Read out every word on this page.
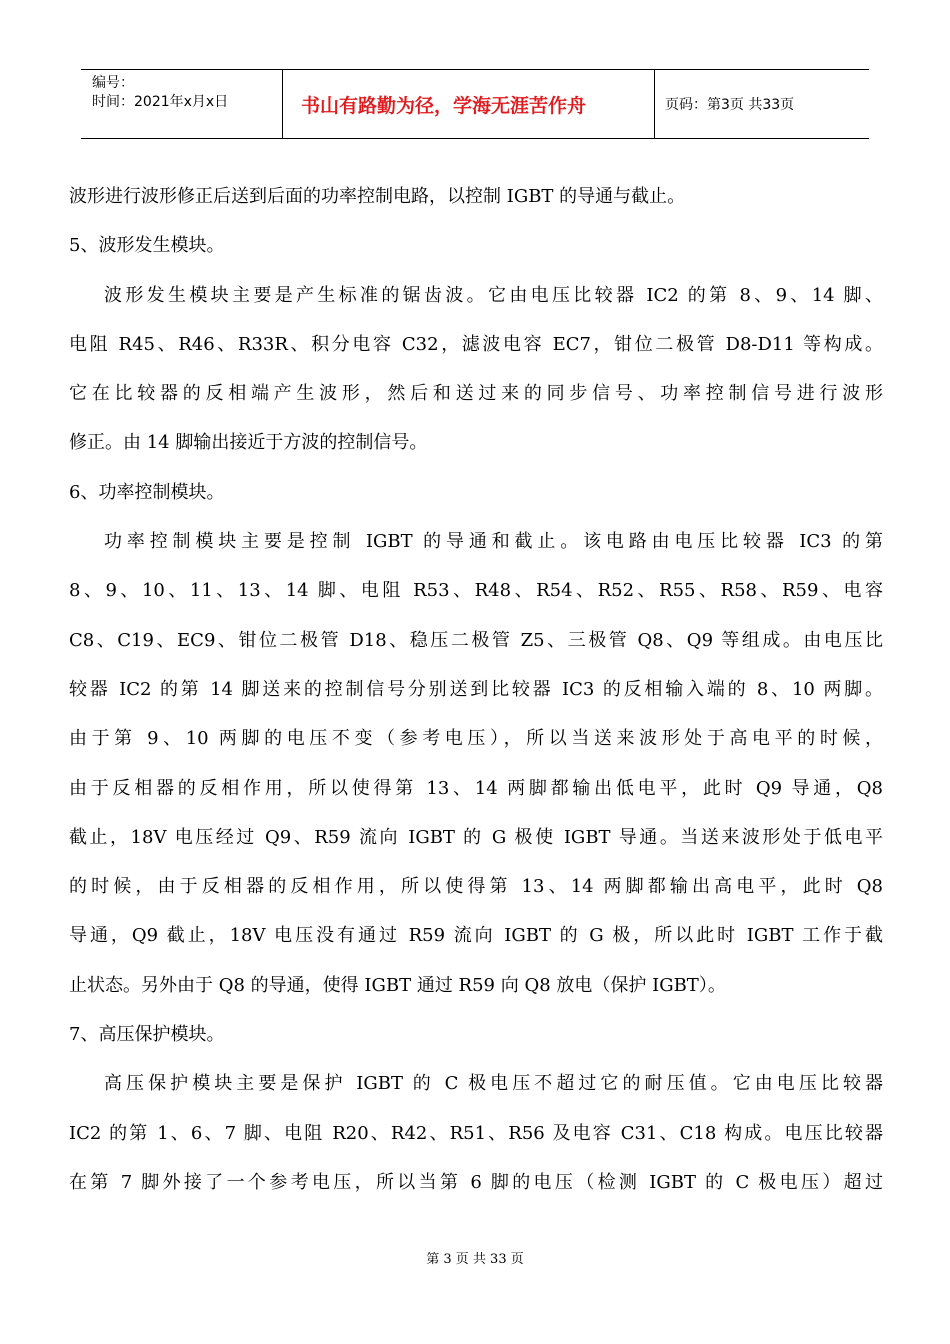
编号：
时间：2021年x月x日	书山有路勤为径，学海无涯苦作舟	页码：第3页 共33页
波形进行波形修正后送到后面的功率控制电路，以控制 IGBT 的导通与截止。
5、波形发生模块。
波形发生模块主要是产生标准的锯齿波。它由电压比较器 IC2 的第 8、9、14 脚、
电阻 R45、R46、R33R、积分电容 C32，滤波电容 EC7，钳位二极管 D8-D11 等构成。
它在比较器的反相端产生波形，然后和送过来的同步信号、功率控制信号进行波形
修正。由 14 脚输出接近于方波的控制信号。
6、功率控制模块。
功率控制模块主要是控制 IGBT 的导通和截止。该电路由电压比较器 IC3 的第
8、9、10、11、13、14 脚、电阻 R53、R48、R54、R52、R55、R58、R59、电容
C8、C19、EC9、钳位二极管 D18、稳压二极管 Z5、三极管 Q8、Q9 等组成。由电压比
较器 IC2 的第 14 脚送来的控制信号分别送到比较器 IC3 的反相输入端的 8、10 两脚。
由于第 9、10 两脚的电压不变（参考电压），所以当送来波形处于高电平的时候，
由于反相器的反相作用，所以使得第 13、14 两脚都输出低电平，此时 Q9 导通，Q8
截止，18V 电压经过 Q9、R59 流向 IGBT 的 G 极使 IGBT 导通。当送来波形处于低电平
的时候，由于反相器的反相作用，所以使得第 13、14 两脚都输出高电平，此时 Q8
导通，Q9 截止，18V 电压没有通过 R59 流向 IGBT 的 G 极，所以此时 IGBT 工作于截
止状态。另外由于 Q8 的导通，使得 IGBT 通过 R59 向 Q8 放电（保护 IGBT）。
7、高压保护模块。
高压保护模块主要是保护 IGBT 的 C 极电压不超过它的耐压值。它由电压比较器
IC2 的第 1、6、7 脚、电阻 R20、R42、R51、R56 及电容 C31、C18 构成。电压比较器
在第 7 脚外接了一个参考电压，所以当第 6 脚的电压（检测 IGBT 的 C 极电压）超过
第 3 页 共 33 页
